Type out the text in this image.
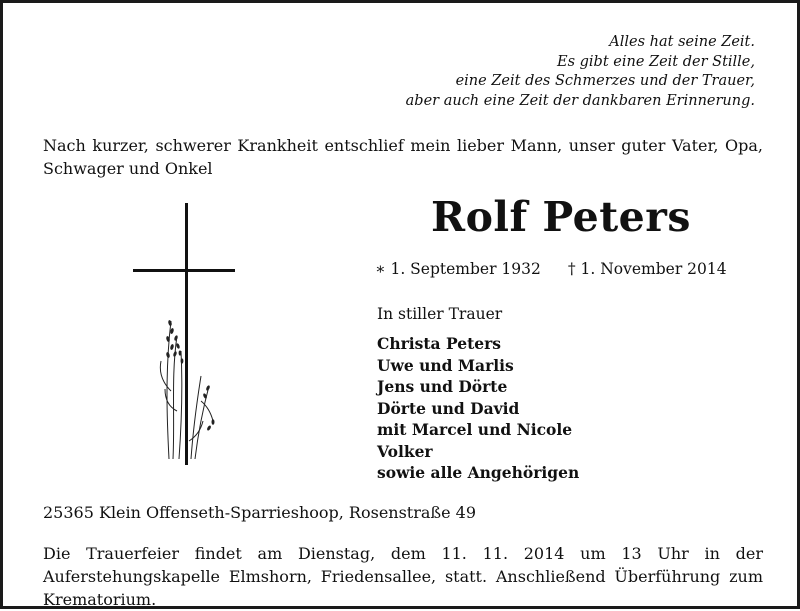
Alles hat seine Zeit.
Es gibt eine Zeit der Stille,
eine Zeit des Schmerzes und der Trauer,
aber auch eine Zeit der dankbaren Erinnerung.
Nach kurzer, schwerer Krankheit entschlief mein lieber Mann, unser guter Vater, Opa, Schwager und Onkel
Rolf Peters
∗ 1. September 1932 † 1. November 2014
In stiller Trauer
Christa Peters
Uwe und Marlis
Jens und Dörte
Dörte und David
mit Marcel und Nicole
Volker
sowie alle Angehörigen
25365 Klein Offenseth-Sparrieshoop, Rosenstraße 49
Die Trauerfeier findet am Dienstag, dem 11. 11. 2014 um 13 Uhr in der Auferstehungskapelle Elmshorn, Friedensallee, statt. Anschließend Überführung zum Krematorium.
